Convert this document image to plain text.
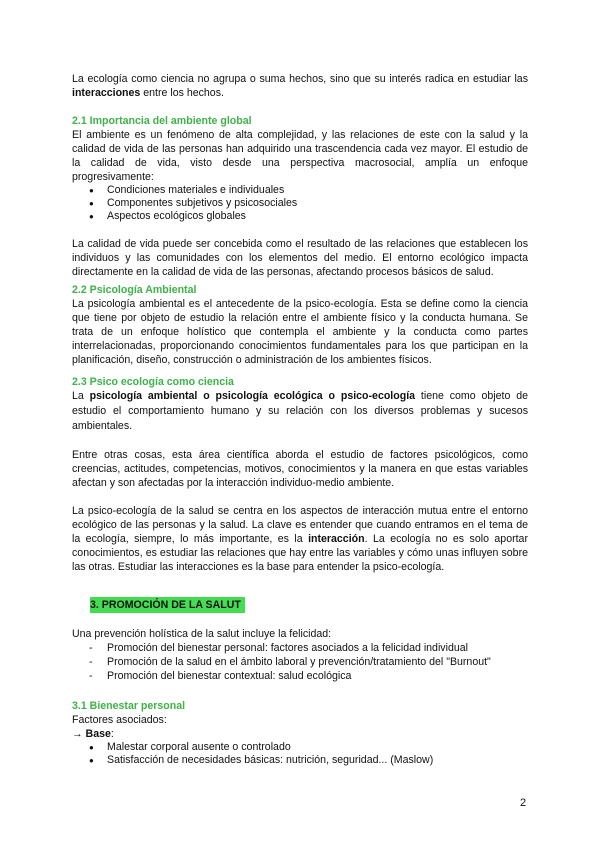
La ecología como ciencia no agrupa o suma hechos, sino que su interés radica en estudiar las interacciones entre los hechos.

2.1 Importancia del ambiente global

El ambiente es un fenómeno de alta complejidad, y las relaciones de este con la salud y la calidad de vida de las personas han adquirido una trascendencia cada vez mayor. El estudio de la calidad de vida, visto desde una perspectiva macrosocial, amplía un enfoque progresivamente:

● Condiciones materiales e individuales
● Componentes subjetivos y psicosociales
● Aspectos ecológicos globales

La calidad de vida puede ser concebida como el resultado de las relaciones que establecen los individuos y las comunidades con los elementos del medio. El entorno ecológico impacta directamente en la calidad de vida de las personas, afectando procesos básicos de salud.

2.2 Psicología Ambiental

La psicología ambiental es el antecedente de la psico-ecología. Esta se define como la ciencia que tiene por objeto de estudio la relación entre el ambiente físico y la conducta humana. Se trata de un enfoque holístico que contempla el ambiente y la conducta como partes interrelacionadas, proporcionando conocimientos fundamentales para los que participan en la planificación, diseño, construcción o administración de los ambientes físicos.

2.3 Psico ecología como ciencia

La psicología ambiental o psicología ecológica o psico-ecología tiene como objeto de estudio el comportamiento humano y su relación con los diversos problemas y sucesos ambientales.

Entre otras cosas, esta área científica aborda el estudio de factores psicológicos, como creencias, actitudes, competencias, motivos, conocimientos y la manera en que estas variables afectan y son afectadas por la interacción individuo-medio ambiente.

La psico-ecología de la salud se centra en los aspectos de interacción mutua entre el entorno ecológico de las personas y la salud. La clave es entender que cuando entramos en el tema de la ecología, siempre, lo más importante, es la interacción. La ecología no es solo aportar conocimientos, es estudiar las relaciones que hay entre las variables y cómo unas influyen sobre las otras. Estudiar las interacciones es la base para entender la psico-ecología.

3. PROMOCIÓN DE LA SALUT

Una prevención holística de la salut incluye la felicidad:

- Promoción del bienestar personal: factores asociados a la felicidad individual
- Promoción de la salud en el ámbito laboral y prevención/tratamiento del "Burnout"
- Promoción del bienestar contextual: salud ecológica

3.1 Bienestar personal

Factores asociados:

→ Base:

● Malestar corporal ausente o controlado
● Satisfacción de necesidades básicas: nutrición, seguridad... (Maslow)
2
